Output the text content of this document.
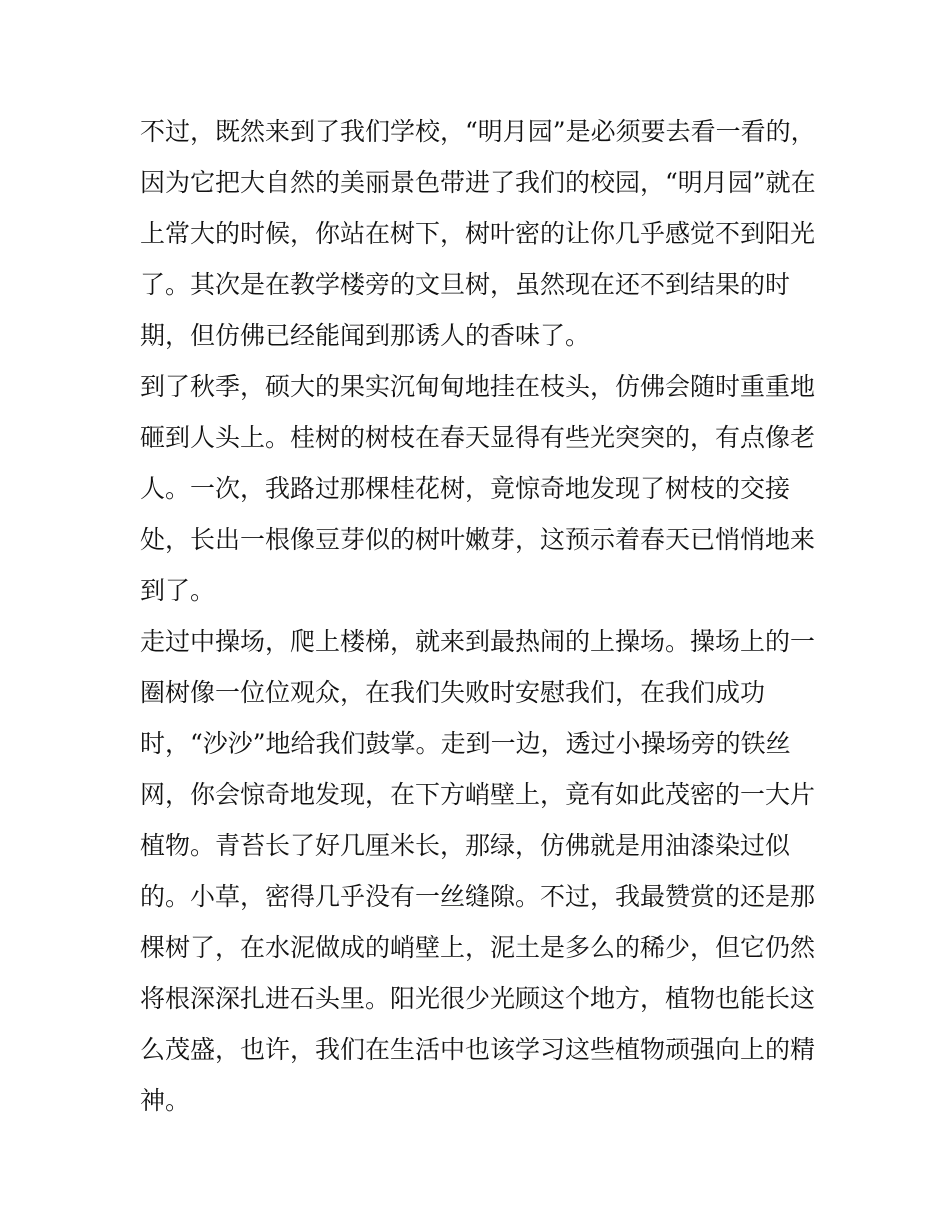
不过，既然来到了我们学校，“明月园”是必须要去看一看的，
因为它把大自然的美丽景色带进了我们的校园，“明月园”就在
上常大的时候，你站在树下，树叶密的让你几乎感觉不到阳光
了。其次是在教学楼旁的文旦树，虽然现在还不到结果的时
期，但仿佛已经能闻到那诱人的香味了。
到了秋季，硕大的果实沉甸甸地挂在枝头，仿佛会随时重重地
砸到人头上。桂树的树枝在春天显得有些光突突的，有点像老
人。一次，我路过那棵桂花树，竟惊奇地发现了树枝的交接
处，长出一根像豆芽似的树叶嫩芽，这预示着春天已悄悄地来
到了。
走过中操场，爬上楼梯，就来到最热闹的上操场。操场上的一
圈树像一位位观众，在我们失败时安慰我们，在我们成功
时，“沙沙”地给我们鼓掌。走到一边，透过小操场旁的铁丝
网，你会惊奇地发现，在下方峭壁上，竟有如此茂密的一大片
植物。青苔长了好几厘米长，那绿，仿佛就是用油漆染过似
的。小草，密得几乎没有一丝缝隙。不过，我最赞赏的还是那
棵树了，在水泥做成的峭壁上，泥土是多么的稀少，但它仍然
将根深深扎进石头里。阳光很少光顾这个地方，植物也能长这
么茂盛，也许，我们在生活中也该学习这些植物顽强向上的精
神。
